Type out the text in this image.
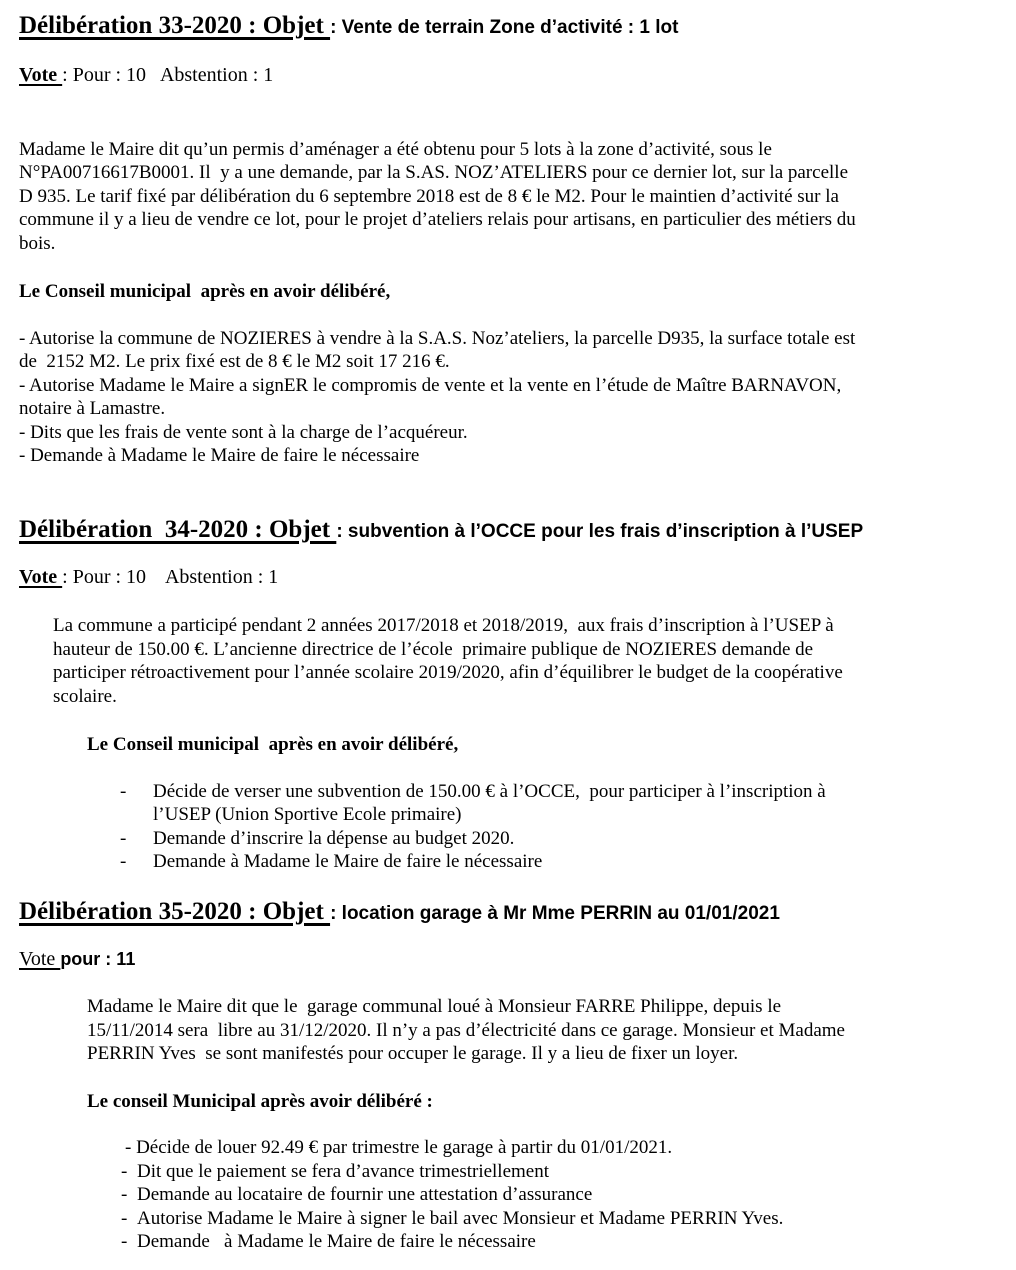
Délibération 33-2020 : Objet : Vente de terrain Zone d’activité : 1 lot
Vote : Pour : 10   Abstention : 1
Madame le Maire dit qu’un permis d’aménager a été obtenu pour 5 lots à la zone d’activité, sous le
N°PA00716617B0001. Il  y a une demande, par la S.AS. NOZ’ATELIERS pour ce dernier lot, sur la parcelle
D 935. Le tarif fixé par délibération du 6 septembre 2018 est de 8 € le M2. Pour le maintien d’activité sur la
commune il y a lieu de vendre ce lot, pour le projet d’ateliers relais pour artisans, en particulier des métiers du
bois.
Le Conseil municipal  après en avoir délibéré,
- Autorise la commune de NOZIERES à vendre à la S.A.S. Noz’ateliers, la parcelle D935, la surface totale est
de  2152 M2. Le prix fixé est de 8 € le M2 soit 17 216 €.
- Autorise Madame le Maire a signER le compromis de vente et la vente en l’étude de Maître BARNAVON,
notaire à Lamastre.
- Dits que les frais de vente sont à la charge de l’acquéreur.
- Demande à Madame le Maire de faire le nécessaire
Délibération  34-2020 : Objet : subvention à l’OCCE pour les frais d’inscription à l’USEP
Vote : Pour : 10    Abstention : 1
La commune a participé pendant 2 années 2017/2018 et 2018/2019,  aux frais d’inscription à l’USEP à
hauteur de 150.00 €. L’ancienne directrice de l’école  primaire publique de NOZIERES demande de
participer rétroactivement pour l’année scolaire 2019/2020, afin d’équilibrer le budget de la coopérative
scolaire.
Le Conseil municipal  après en avoir délibéré,
- Décide de verser une subvention de 150.00 € à l’OCCE,  pour participer à l’inscription à
l’USEP (Union Sportive Ecole primaire)
- Demande d’inscrire la dépense au budget 2020.
- Demande à Madame le Maire de faire le nécessaire
Délibération 35-2020 : Objet : location garage à Mr Mme PERRIN au 01/01/2021
Vote pour : 11
Madame le Maire dit que le  garage communal loué à Monsieur FARRE Philippe, depuis le
15/11/2014 sera  libre au 31/12/2020. Il n’y a pas d’électricité dans ce garage. Monsieur et Madame
PERRIN Yves  se sont manifestés pour occuper le garage. Il y a lieu de fixer un loyer.
Le conseil Municipal après avoir délibéré :
- Décide de louer 92.49 € par trimestre le garage à partir du 01/01/2021.
- Dit que le paiement se fera d’avance trimestriellement
- Demande au locataire de fournir une attestation d’assurance
- Autorise Madame le Maire à signer le bail avec Monsieur et Madame PERRIN Yves.
- Demande   à Madame le Maire de faire le nécessaire
